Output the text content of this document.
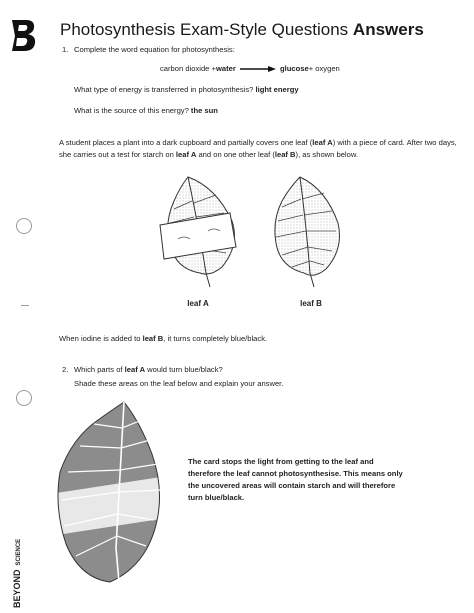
Photosynthesis Exam-Style Questions Answers
1. Complete the word equation for photosynthesis:
carbon dioxide +water	glucose+ oxygen
What type of energy is transferred in photosynthesis? light energy
What is the source of this energy? the sun
A student places a plant into a dark cupboard and partially covers one leaf (leaf A) with a piece of card. After two days, she carries out a test for starch on leaf A and on one other leaf (leaf B), as shown below.
leaf A	leaf B
When iodine is added to leaf B, it turns completely blue/black.
2. Which parts of leaf A would turn blue/black?
Shade these areas on the leaf below and explain your answer.
The card stops the light from getting to the leaf and
therefore the leaf cannot photosynthesise. This means only
the uncovered areas will contain starch and will therefore
turn blue/black.
BEYONDSCIENCE
